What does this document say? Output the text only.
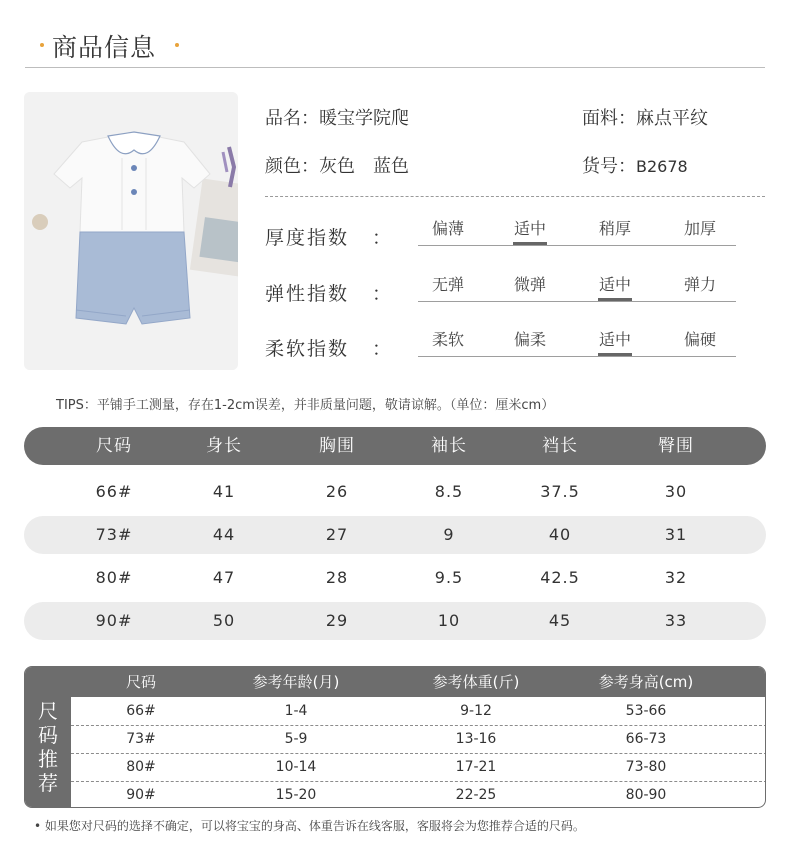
商品信息
品名：暖宝学院爬	面料：麻点平纹
颜色：灰色　蓝色	货号：B2678
厚度指数 ：	偏薄	适中	稍厚	加厚
弹性指数 ：	无弹	微弹	适中	弹力
柔软指数 ：	柔软	偏柔	适中	偏硬
TIPS：平铺手工测量，存在1-2cm误差，并非质量问题，敬请谅解。（单位：厘米cm）
尺码	身长	胸围	袖长	裆长	臀围
66#	41	26	8.5	37.5	30
73#	44	27	9	40	31
80#	47	28	9.5	42.5	32
90#	50	29	10	45	33
尺
码
推
荐
尺码	参考年龄(月)	参考体重(斤)	参考身高(cm)
66#	1-4	9-12	53-66
73#	5-9	13-16	66-73
80#	10-14	17-21	73-80
90#	15-20	22-25	80-90
• 如果您对尺码的选择不确定，可以将宝宝的身高、体重告诉在线客服，客服将会为您推荐合适的尺码。
